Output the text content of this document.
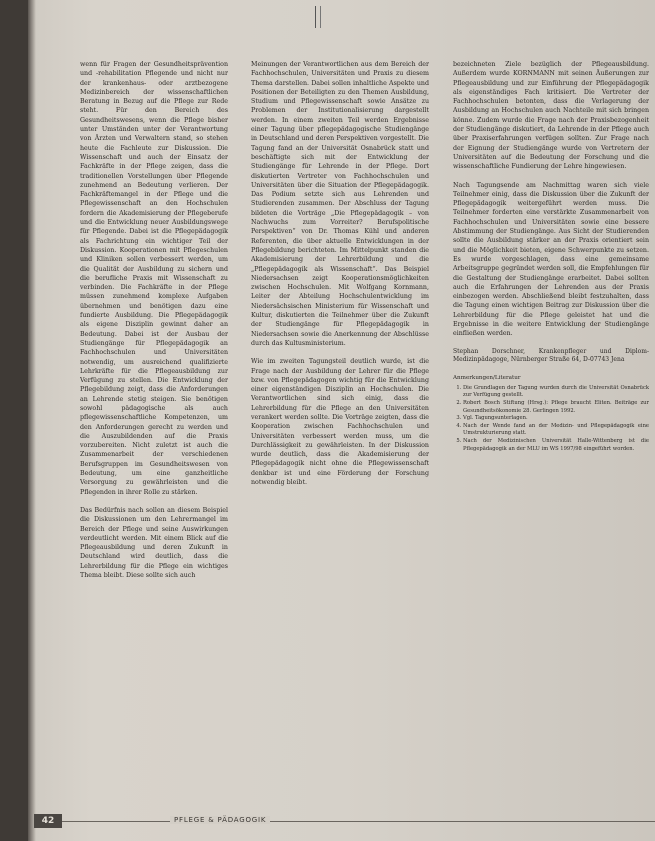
wenn für Fragen der Gesundheitsprävention und -rehabilitation Pflegende und nicht nur der krankenhaus- oder arztbezogene Medizinbereich der wissenschaftlichen Beratung in Bezug auf die Pflege zur Rede steht. Für den Bereich des Gesundheitswesens, wenn die Pflege bisher unter Umständen unter der Verantwortung von Ärzten und Verwaltern stand, so stehen heute die Fachleute zur Diskussion. Die Wissenschaft und auch der Einsatz der Fachkräfte in der Pflege zeigen, dass die traditionellen Vorstellungen über Pflegende zunehmend an Bedeutung verlieren. Der Fachkräftemangel in der Pflege und die Pflegewissenschaft an den Hochschulen fordern die Akademisierung der Pflegeberufe und die Entwicklung neuer Ausbildungswege für Pflegende. Dabei ist die Pflegepädagogik als Fachrichtung ein wichtiger Teil der Diskussion. Kooperationen mit Pflegeschulen und Kliniken sollen verbessert werden, um die Qualität der Ausbildung zu sichern und die berufliche Praxis mit Wissenschaft zu verbinden. Die Fachkräfte in der Pflege müssen zunehmend komplexe Aufgaben übernehmen und benötigen dazu eine fundierte Ausbildung. Die Pflegepädagogik als eigene Disziplin gewinnt daher an Bedeutung. Dabei ist der Ausbau der Studiengänge für Pflegepädagogik an Fachhochschulen und Universitäten notwendig, um ausreichend qualifizierte Lehrkräfte für die Pflegeausbildung zur Verfügung zu stellen. Die Entwicklung der Pflegebildung zeigt, dass die Anforderungen an Lehrende stetig steigen. Sie benötigen sowohl pädagogische als auch pflegewissenschaftliche Kompetenzen, um den Anforderungen gerecht zu werden und die Auszubildenden auf die Praxis vorzubereiten. Nicht zuletzt ist auch die Zusammenarbeit der verschiedenen Berufsgruppen im Gesundheitswesen von Bedeutung, um eine ganzheitliche Versorgung zu gewährleisten und die Pflegenden in ihrer Rolle zu stärken.

Das Bedürfnis nach sollen an diesem Beispiel die Diskussionen um den Lehrermangel im Bereich der Pflege und seine Auswirkungen verdeutlicht werden. Mit einem Blick auf die Pflegeausbildung und deren Zukunft in Deutschland wird deutlich, dass die Lehrerbildung für die Pflege ein wichtiges Thema bleibt. Diese sollte sich auch

Meinungen der Verantwortlichen aus dem Bereich der Fachhochschulen, Universitäten und Praxis zu diesem Thema darstellen. Dabei sollen inhaltliche Aspekte und Positionen der Beteiligten zu den Themen Ausbildung, Studium und Pflegewissenschaft sowie Ansätze zu Problemen der Institutionalisierung dargestellt werden. In einem zweiten Teil werden Ergebnisse einer Tagung über pflegepädagogische Studiengänge in Deutschland und deren Perspektiven vorgestellt. Die Tagung fand an der Universität Osnabrück statt und beschäftigte sich mit der Entwicklung der Studiengänge für Lehrende in der Pflege. Dort diskutierten Vertreter von Fachhochschulen und Universitäten über die Situation der Pflegepädagogik. Das Podium setzte sich aus Lehrenden und Studierenden zusammen. Der Abschluss der Tagung bildeten die Vorträge „Die Pflegepädagogik – von Nachwuchs zum Vorreiter? Berufspolitische Perspektiven“ von Dr. Thomas Kühl und anderen Referenten, die über aktuelle Entwicklungen in der Pflegebildung berichteten. Im Mittelpunkt standen die Akademisierung der Lehrerbildung und die „Pflegepädagogik als Wissenschaft“. Das Beispiel Niedersachsen zeigt Kooperationsmöglichkeiten zwischen Hochschulen. Mit Wolfgang Kornmann, Leiter der Abteilung Hochschulentwicklung im Niedersächsischen Ministerium für Wissenschaft und Kultur, diskutierten die Teilnehmer über die Zukunft der Studiengänge für Pflegepädagogik in Niedersachsen sowie die Anerkennung der Abschlüsse durch das Kultusministerium.

Wie im zweiten Tagungsteil deutlich wurde, ist die Frage nach der Ausbildung der Lehrer für die Pflege bzw. von Pflegepädagogen wichtig für die Entwicklung einer eigenständigen Disziplin an Hochschulen. Die Verantwortlichen sind sich einig, dass die Lehrerbildung für die Pflege an den Universitäten verankert werden sollte. Die Vorträge zeigten, dass die Kooperation zwischen Fachhochschulen und Universitäten verbessert werden muss, um die Durchlässigkeit zu gewährleisten. In der Diskussion wurde deutlich, dass die Akademisierung der Pflegepädagogik nicht ohne die Pflegewissenschaft denkbar ist und eine Förderung der Forschung notwendig bleibt.

bezeichneten Ziele bezüglich der Pflegeausbildung. Außerdem wurde KORNMANN mit seinen Äußerungen zur Pflegeausbildung und zur Einführung der Pflegepädagogik als eigenständiges Fach kritisiert. Die Vertreter der Fachhochschulen betonten, dass die Verlagerung der Ausbildung an Hochschulen auch Nachteile mit sich bringen könne. Zudem wurde die Frage nach der Praxisbezogenheit der Studiengänge diskutiert, da Lehrende in der Pflege auch über Praxiserfahrungen verfügen sollten. Zur Frage nach der Eignung der Studiengänge wurde von Vertretern der Universitäten auf die Bedeutung der Forschung und die wissenschaftliche Fundierung der Lehre hingewiesen.

Nach Tagungsende am Nachmittag waren sich viele Teilnehmer einig, dass die Diskussion über die Zukunft der Pflegepädagogik weitergeführt werden muss. Die Teilnehmer forderten eine verstärkte Zusammenarbeit von Fachhochschulen und Universitäten sowie eine bessere Abstimmung der Studiengänge. Aus Sicht der Studierenden sollte die Ausbildung stärker an der Praxis orientiert sein und die Möglichkeit bieten, eigene Schwerpunkte zu setzen. Es wurde vorgeschlagen, dass eine gemeinsame Arbeitsgruppe gegründet werden soll, die Empfehlungen für die Gestaltung der Studiengänge erarbeitet. Dabei sollten auch die Erfahrungen der Lehrenden aus der Praxis einbezogen werden. Abschließend bleibt festzuhalten, dass die Tagung einen wichtigen Beitrag zur Diskussion über die Lehrerbildung für die Pflege geleistet hat und die Ergebnisse in die weitere Entwicklung der Studiengänge einfließen werden.

Stephan Dorschner, Krankenpfleger und Diplom-Medizinpädagoge, Nürnberger Straße 64, D-07743 Jena

Anmerkungen/Literatur
1. Die Grundlagen der Tagung wurden durch die Universität Osnabrück zur Verfügung gestellt.
2. Robert Bosch Stiftung (Hrsg.): Pflege braucht Eliten. Beiträge zur Gesundheitsökonomie 28. Gerlingen 1992.
3. Vgl. Tagungsunterlagen.
4. Nach der Wende fand an der Medizin- und Pflegepädagogik eine Umstrukturierung statt.
5. Nach der Medizinischen Universität Halle-Wittenberg ist die Pflegepädagogik an der MLU im WS 1997/98 eingeführt worden.
42	PFLEGE & PÄDAGOGIK
